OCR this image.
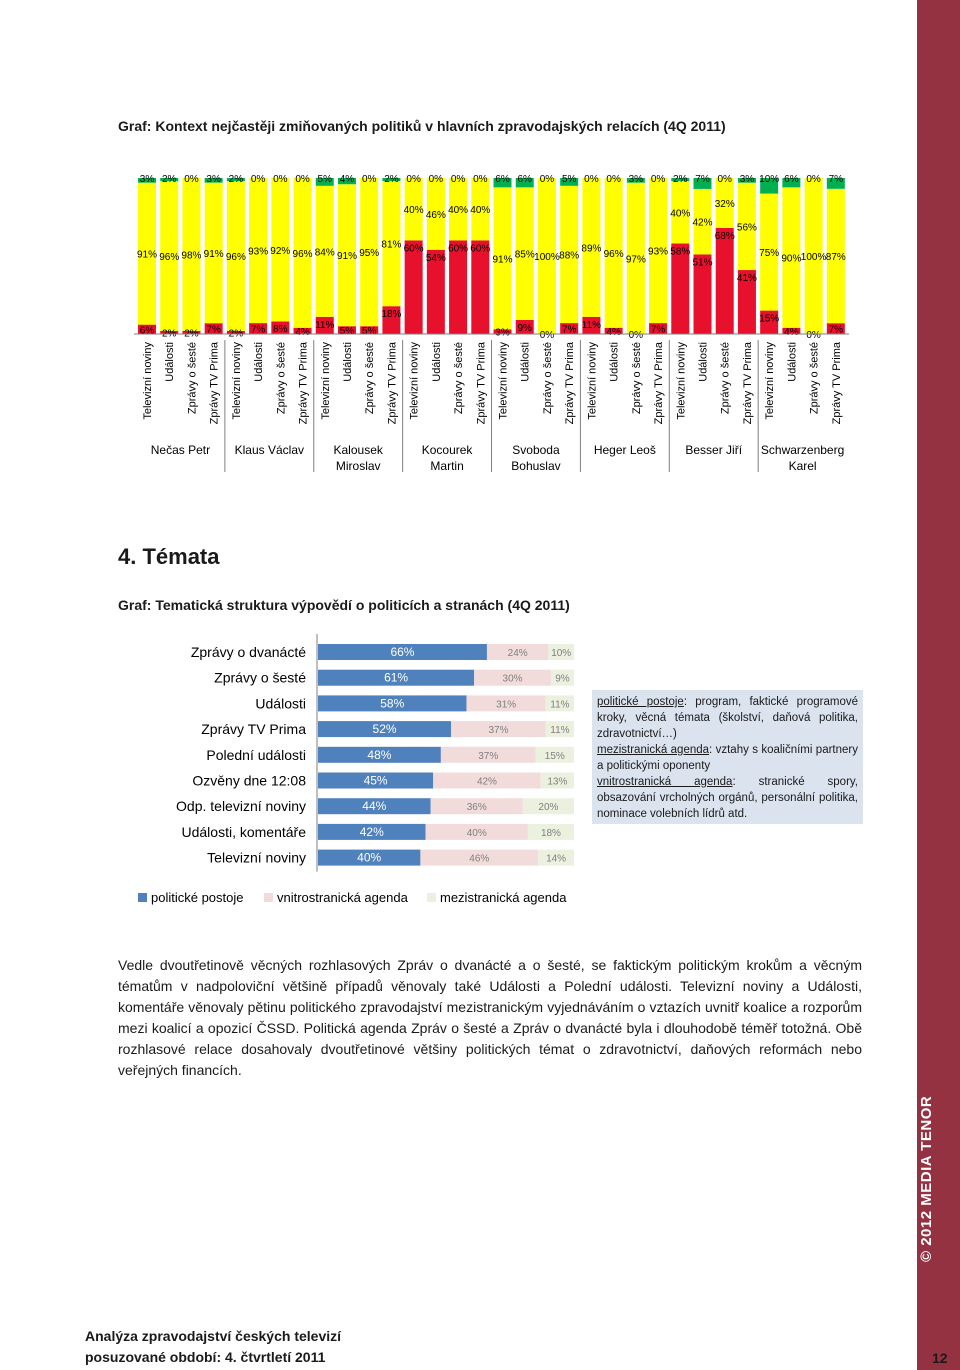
Graf: Kontext nejčastěji zmiňovaných politiků v hlavních zpravodajských relacích (4Q 2011)
6%
91%
3%
Televizní noviny
2%
96%
2%
Události
2%
98%
0%
Zprávy o šesté
7%
91%
3%
Zprávy TV Prima
Nečas Petr
2%
96%
2%
Televizní noviny
7%
93%
0%
Události
8%
92%
0%
Zprávy o šesté
4%
96%
0%
Zprávy TV Prima
Klaus Václav
11%
84%
5%
Televizní noviny
5%
91%
4%
Události
5%
95%
0%
Zprávy o šesté
18%
81%
2%
Zprávy TV Prima
Kalousek
Miroslav
60%
40%
0%
Televizní noviny
54%
46%
0%
Události
60%
40%
0%
Zprávy o šesté
60%
40%
0%
Zprávy TV Prima
Kocourek
Martin
3%
91%
6%
Televizní noviny
9%
85%
6%
Události
0%
100%
0%
Zprávy o šesté
7%
88%
5%
Zprávy TV Prima
Svoboda
Bohuslav
11%
89%
0%
Televizní noviny
4%
96%
0%
Události
0%
97%
3%
Zprávy o šesté
7%
93%
0%
Zprávy TV Prima
Heger Leoš
58%
40%
2%
Televizní noviny
51%
42%
7%
Události
68%
32%
0%
Zprávy o šesté
41%
56%
3%
Zprávy TV Prima
Besser Jiří
15%
75%
10%
Televizní noviny
4%
90%
6%
Události
0%
100%
0%
Zprávy o šesté
7%
87%
7%
Zprávy TV Prima
Schwarzenberg
Karel
4. Témata
Graf: Tematická struktura výpovědí o politicích a stranách (4Q 2011)
66%	24% 10%
Zprávy o dvanácté
61%	30%	9%
Zprávy o šesté
58%	31%	11%
Události
52%	37%	11%
Zprávy TV Prima
48%	37%	15%
Polední události
45%	42%	13%
Ozvěny dne 12:08
44%	36%	20%
Odp. televizní noviny
42%	40%	18%
Události, komentáře
40%	46%	14%
Televizní noviny
politické postoje	vnitrostranická agenda mezistranická agenda
politické postoje: program, faktické programové kroky, věcná témata (školství, daňová politika, zdravotnictví…)
mezistranická agenda: vztahy s koaličními partnery a politickými oponenty
vnitrostranická agenda: stranické spory, obsazování vrcholných orgánů, personální politika, nominace volebních lídrů atd.

Vedle dvoutřetinově věcných rozhlasových Zpráv o dvanácté a o šesté, se faktickým politickým krokům a věcným tématům v nadpoloviční většině případů věnovaly také Události a Polední události. Televizní noviny a Události, komentáře věnovaly pětinu politického zpravodajství mezistranickým vyjednáváním o vztazích uvnitř koalice a rozporům mezi koalicí a opozicí ČSSD. Politická agenda Zpráv o šesté a Zpráv o dvanácté byla i dlouhodobě téměř totožná. Obě rozhlasové relace dosahovaly dvoutřetinové většiny politických témat o zdravotnictví, daňových reformách nebo veřejných financích.

Analýza zpravodajství českých televizí
posuzované období: 4. čtvrtletí 2011	12
